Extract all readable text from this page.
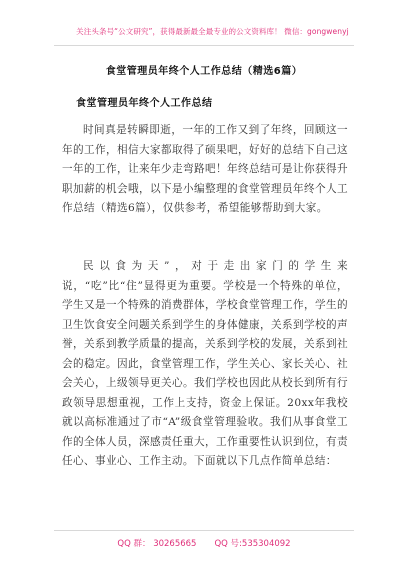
关注头条号“公文研究”，获得最新最全最专业的公文资料库！ 微信：gongwenyj
食堂管理员年终个人工作总结（精选6篇）
食堂管理员年终个人工作总结
时间真是转瞬即逝，一年的工作又到了年终，回顾这一年的工作，相信大家都取得了硕果吧，好好的总结下自己这一年的工作，让来年少走弯路吧！年终总结可是让你获得升职加薪的机会哦，以下是小编整理的食堂管理员年终个人工作总结（精选6篇），仅供参考，希望能够帮助到大家。
民以食为天”，对于走出家门的学生来说，“吃”比“住”显得更为重要。学校是一个特殊的单位，学生又是一个特殊的消费群体，学校食堂管理工作，学生的卫生饮食安全问题关系到学生的身体健康，关系到学校的声誉，关系到教学质量的提高，关系到学校的发展，关系到社会的稳定。因此，食堂管理工作，学生关心、家长关心、社会关心，上级领导更关心。我们学校也因此从校长到所有行政领导思想重视，工作上支持，资金上保证。20xx年我校就以高标准通过了市“A”级食堂管理验收。我们从事食堂工作的全体人员，深感责任重大，工作重要性认识到位，有责任心、事业心、工作主动。下面就以下几点作简单总结：
QQ 群： 30265665 QQ 号:535304092
